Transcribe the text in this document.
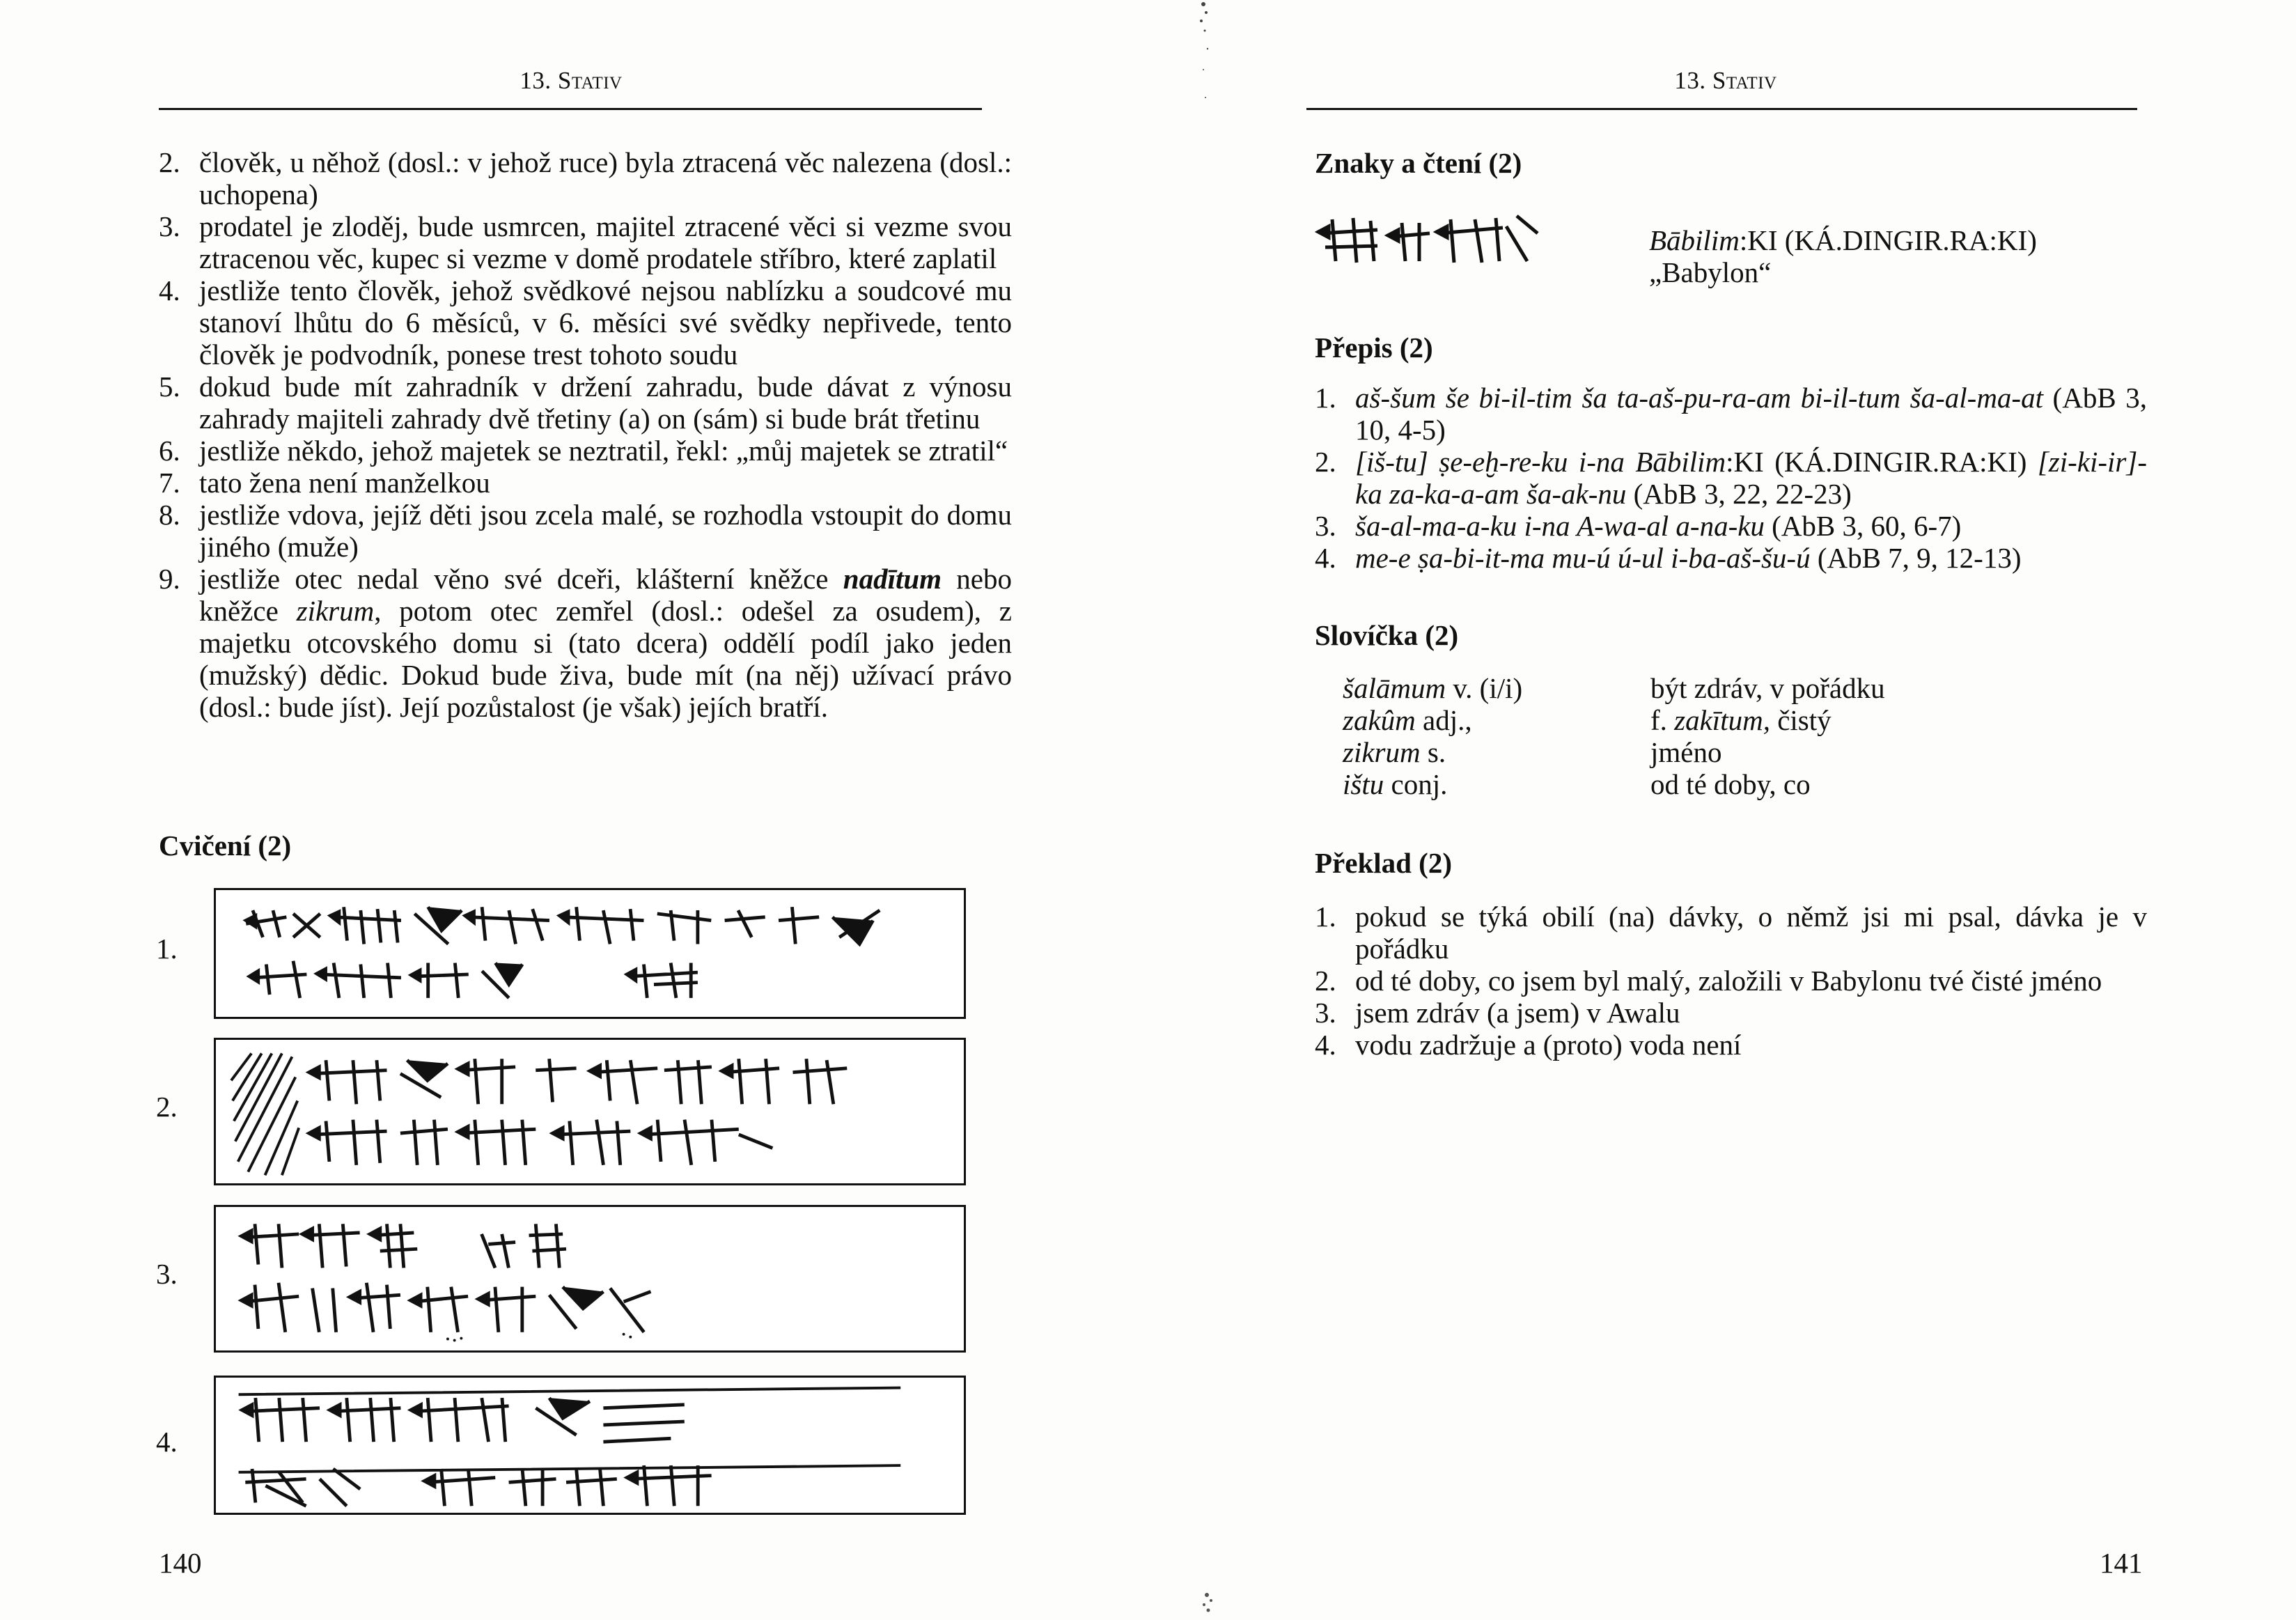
13. Stativ
2. člověk, u něhož (dosl.: v jehož ruce) byla ztracená věc nalezena (dosl.: uchopena)
3. prodatel je zloděj, bude usmrcen, majitel ztracené věci si vezme svou ztracenou věc, kupec si vezme v domě prodatele stříbro, které zaplatil
4. jestliže tento člověk, jehož svědkové nejsou nablízku a soudcové mu stanoví lhůtu do 6 měsíců, v 6. měsíci své svědky nepřivede, tento člověk je podvodník, ponese trest tohoto soudu
5. dokud bude mít zahradník v držení zahradu, bude dávat z výnosu zahrady majiteli zahrady dvě třetiny (a) on (sám) si bude brát třetinu
6. jestliže někdo, jehož majetek se neztratil, řekl: „můj majetek se ztratil“
7. tato žena není manželkou
8. jestliže vdova, jejíž děti jsou zcela malé, se rozhodla vstoupit do domu jiného (muže)
9. jestliže otec nedal věno své dceři, klášterní kněžce nadītum nebo kněžce zikrum, potom otec zemřel (dosl.: odešel za osudem), z majetku otcovského domu si (tato dcera) oddělí podíl jako jeden (mužský) dědic. Dokud bude živa, bude mít (na něj) užívací právo (dosl.: bude jíst). Její pozůstalost (je však) jejích bratří.
Cvičení (2)
1.
2.
3.
4.
140
13. Stativ
Znaky a čtení (2)
Bābilim:KI (KÁ.DINGIR.RA:KI)
„Babylon“
Přepis (2)
1. aš-šum še bi-il-tim ša ta-aš-pu-ra-am bi-il-tum ša-al-ma-at (AbB 3, 10, 4-5)
2. [iš-tu] ṣe-eḫ-re-ku i-na Bābilim:KI (KÁ.DINGIR.RA:KI) [zi-ki-ir]-ka za-ka-a-am ša-ak-nu (AbB 3, 22, 22-23)
3. ša-al-ma-a-ku i-na A-wa-al a-na-ku (AbB 3, 60, 6-7)
4. me-e ṣa-bi-it-ma mu-ú ú-ul i-ba-aš-šu-ú (AbB 7, 9, 12-13)
Slovíčka (2)
šalāmum v. (i/i)	být zdráv, v pořádku
zakûm adj.,	f. zakītum, čistý
zikrum s.	jméno
ištu conj.	od té doby, co
Překlad (2)
1. pokud se týká obilí (na) dávky, o němž jsi mi psal, dávka je v pořádku
2. od té doby, co jsem byl malý, založili v Babylonu tvé čisté jméno
3. jsem zdráv (a jsem) v Awalu
4. vodu zadržuje a (proto) voda není
141
